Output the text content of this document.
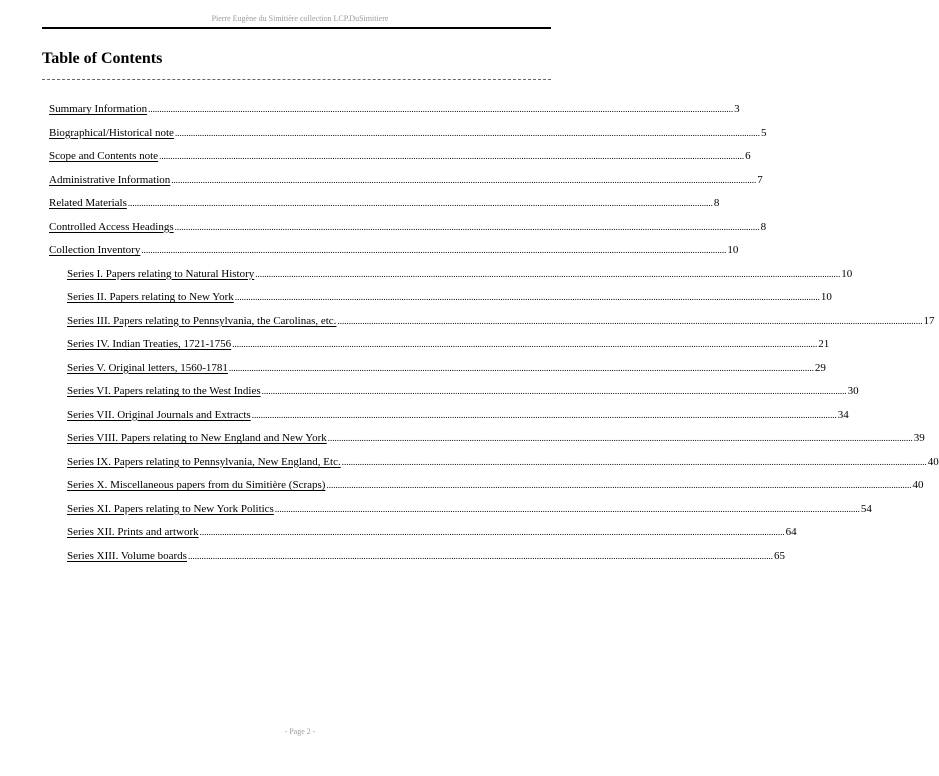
Pierre Eugène du Simitière collection LCP.DuSimitiere
Table of Contents
Summary Information .................................................................................................................................................................................................................................................................... 3
Biographical/Historical note .................................................................................................................................................................................................................................................................... 5
Scope and Contents note .................................................................................................................................................................................................................................................................... 6
Administrative Information .................................................................................................................................................................................................................................................................... 7
Related Materials .................................................................................................................................................................................................................................................................... 8
Controlled Access Headings .................................................................................................................................................................................................................................................................... 8
Collection Inventory .................................................................................................................................................................................................................................................................... 10
Series I. Papers relating to Natural History .................................................................................................................................................................................................................................................................... 10
Series II. Papers relating to New York .................................................................................................................................................................................................................................................................... 10
Series III. Papers relating to Pennsylvania, the Carolinas, etc. .................................................................................................................................................................................................................................................................... 17
Series IV. Indian Treaties, 1721-1756 .................................................................................................................................................................................................................................................................... 21
Series V. Original letters, 1560-1781 .................................................................................................................................................................................................................................................................... 29
Series VI. Papers relating to the West Indies .................................................................................................................................................................................................................................................................... 30
Series VII. Original Journals and Extracts .................................................................................................................................................................................................................................................................... 34
Series VIII. Papers relating to New England and New York .................................................................................................................................................................................................................................................................... 39
Series IX. Papers relating to Pennsylvania, New England, Etc. .................................................................................................................................................................................................................................................................... 40
Series X. Miscellaneous papers from du Simitière (Scraps) .................................................................................................................................................................................................................................................................... 40
Series XI. Papers relating to New York Politics .................................................................................................................................................................................................................................................................... 54
Series XII. Prints and artwork .................................................................................................................................................................................................................................................................... 64
Series XIII. Volume boards .................................................................................................................................................................................................................................................................... 65
- Page 2 -
